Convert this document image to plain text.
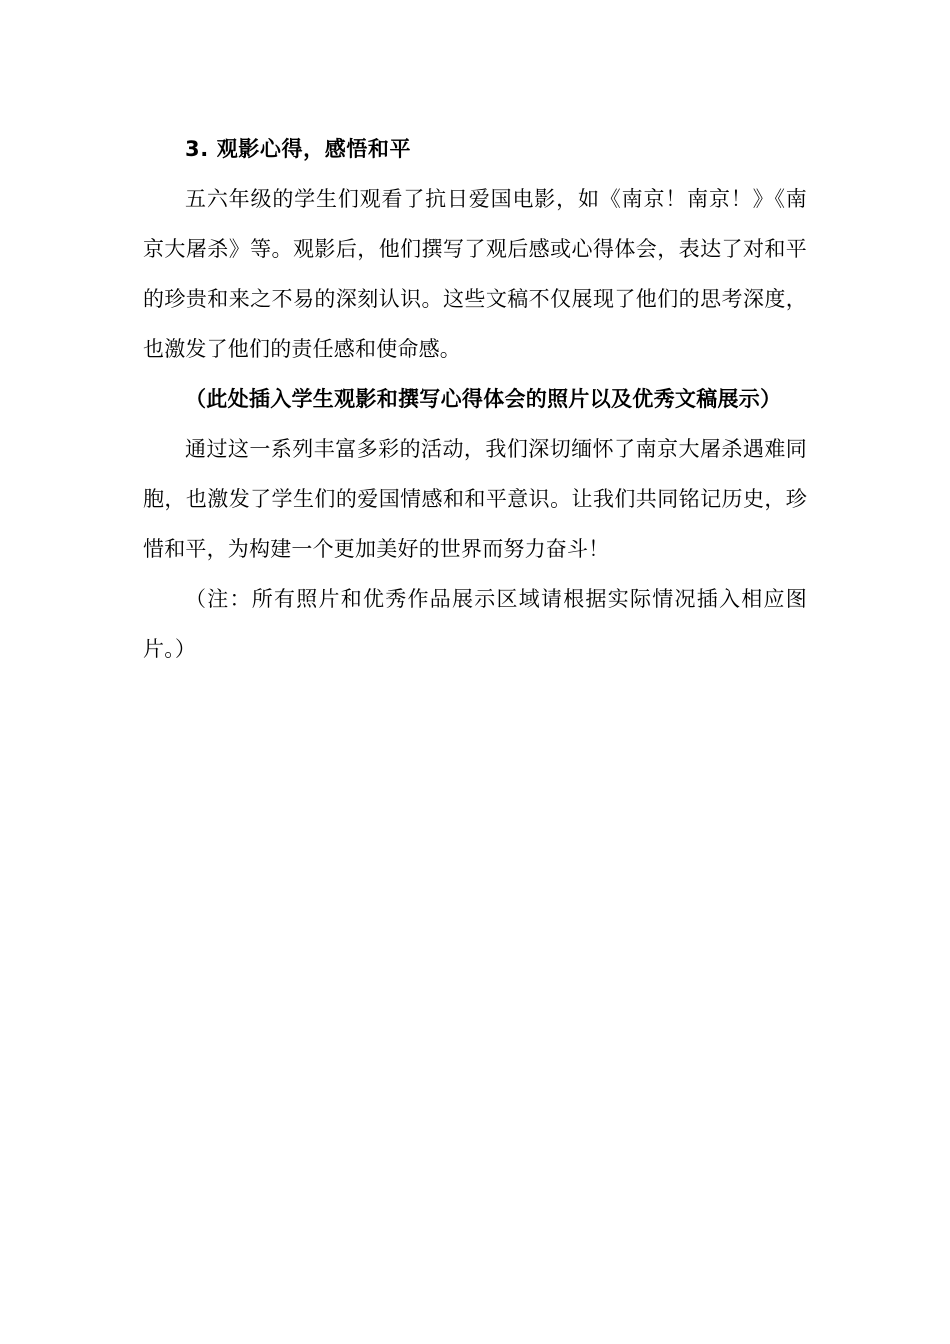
3. 观影心得，感悟和平

五六年级的学生们观看了抗日爱国电影，如《南京！南京！》《南京大屠杀》等。观影后，他们撰写了观后感或心得体会，表达了对和平的珍贵和来之不易的深刻认识。这些文稿不仅展现了他们的思考深度，也激发了他们的责任感和使命感。

（此处插入学生观影和撰写心得体会的照片以及优秀文稿展示）

通过这一系列丰富多彩的活动，我们深切缅怀了南京大屠杀遇难同胞，也激发了学生们的爱国情感和和平意识。让我们共同铭记历史，珍惜和平，为构建一个更加美好的世界而努力奋斗！

（注：所有照片和优秀作品展示区域请根据实际情况插入相应图片。）
